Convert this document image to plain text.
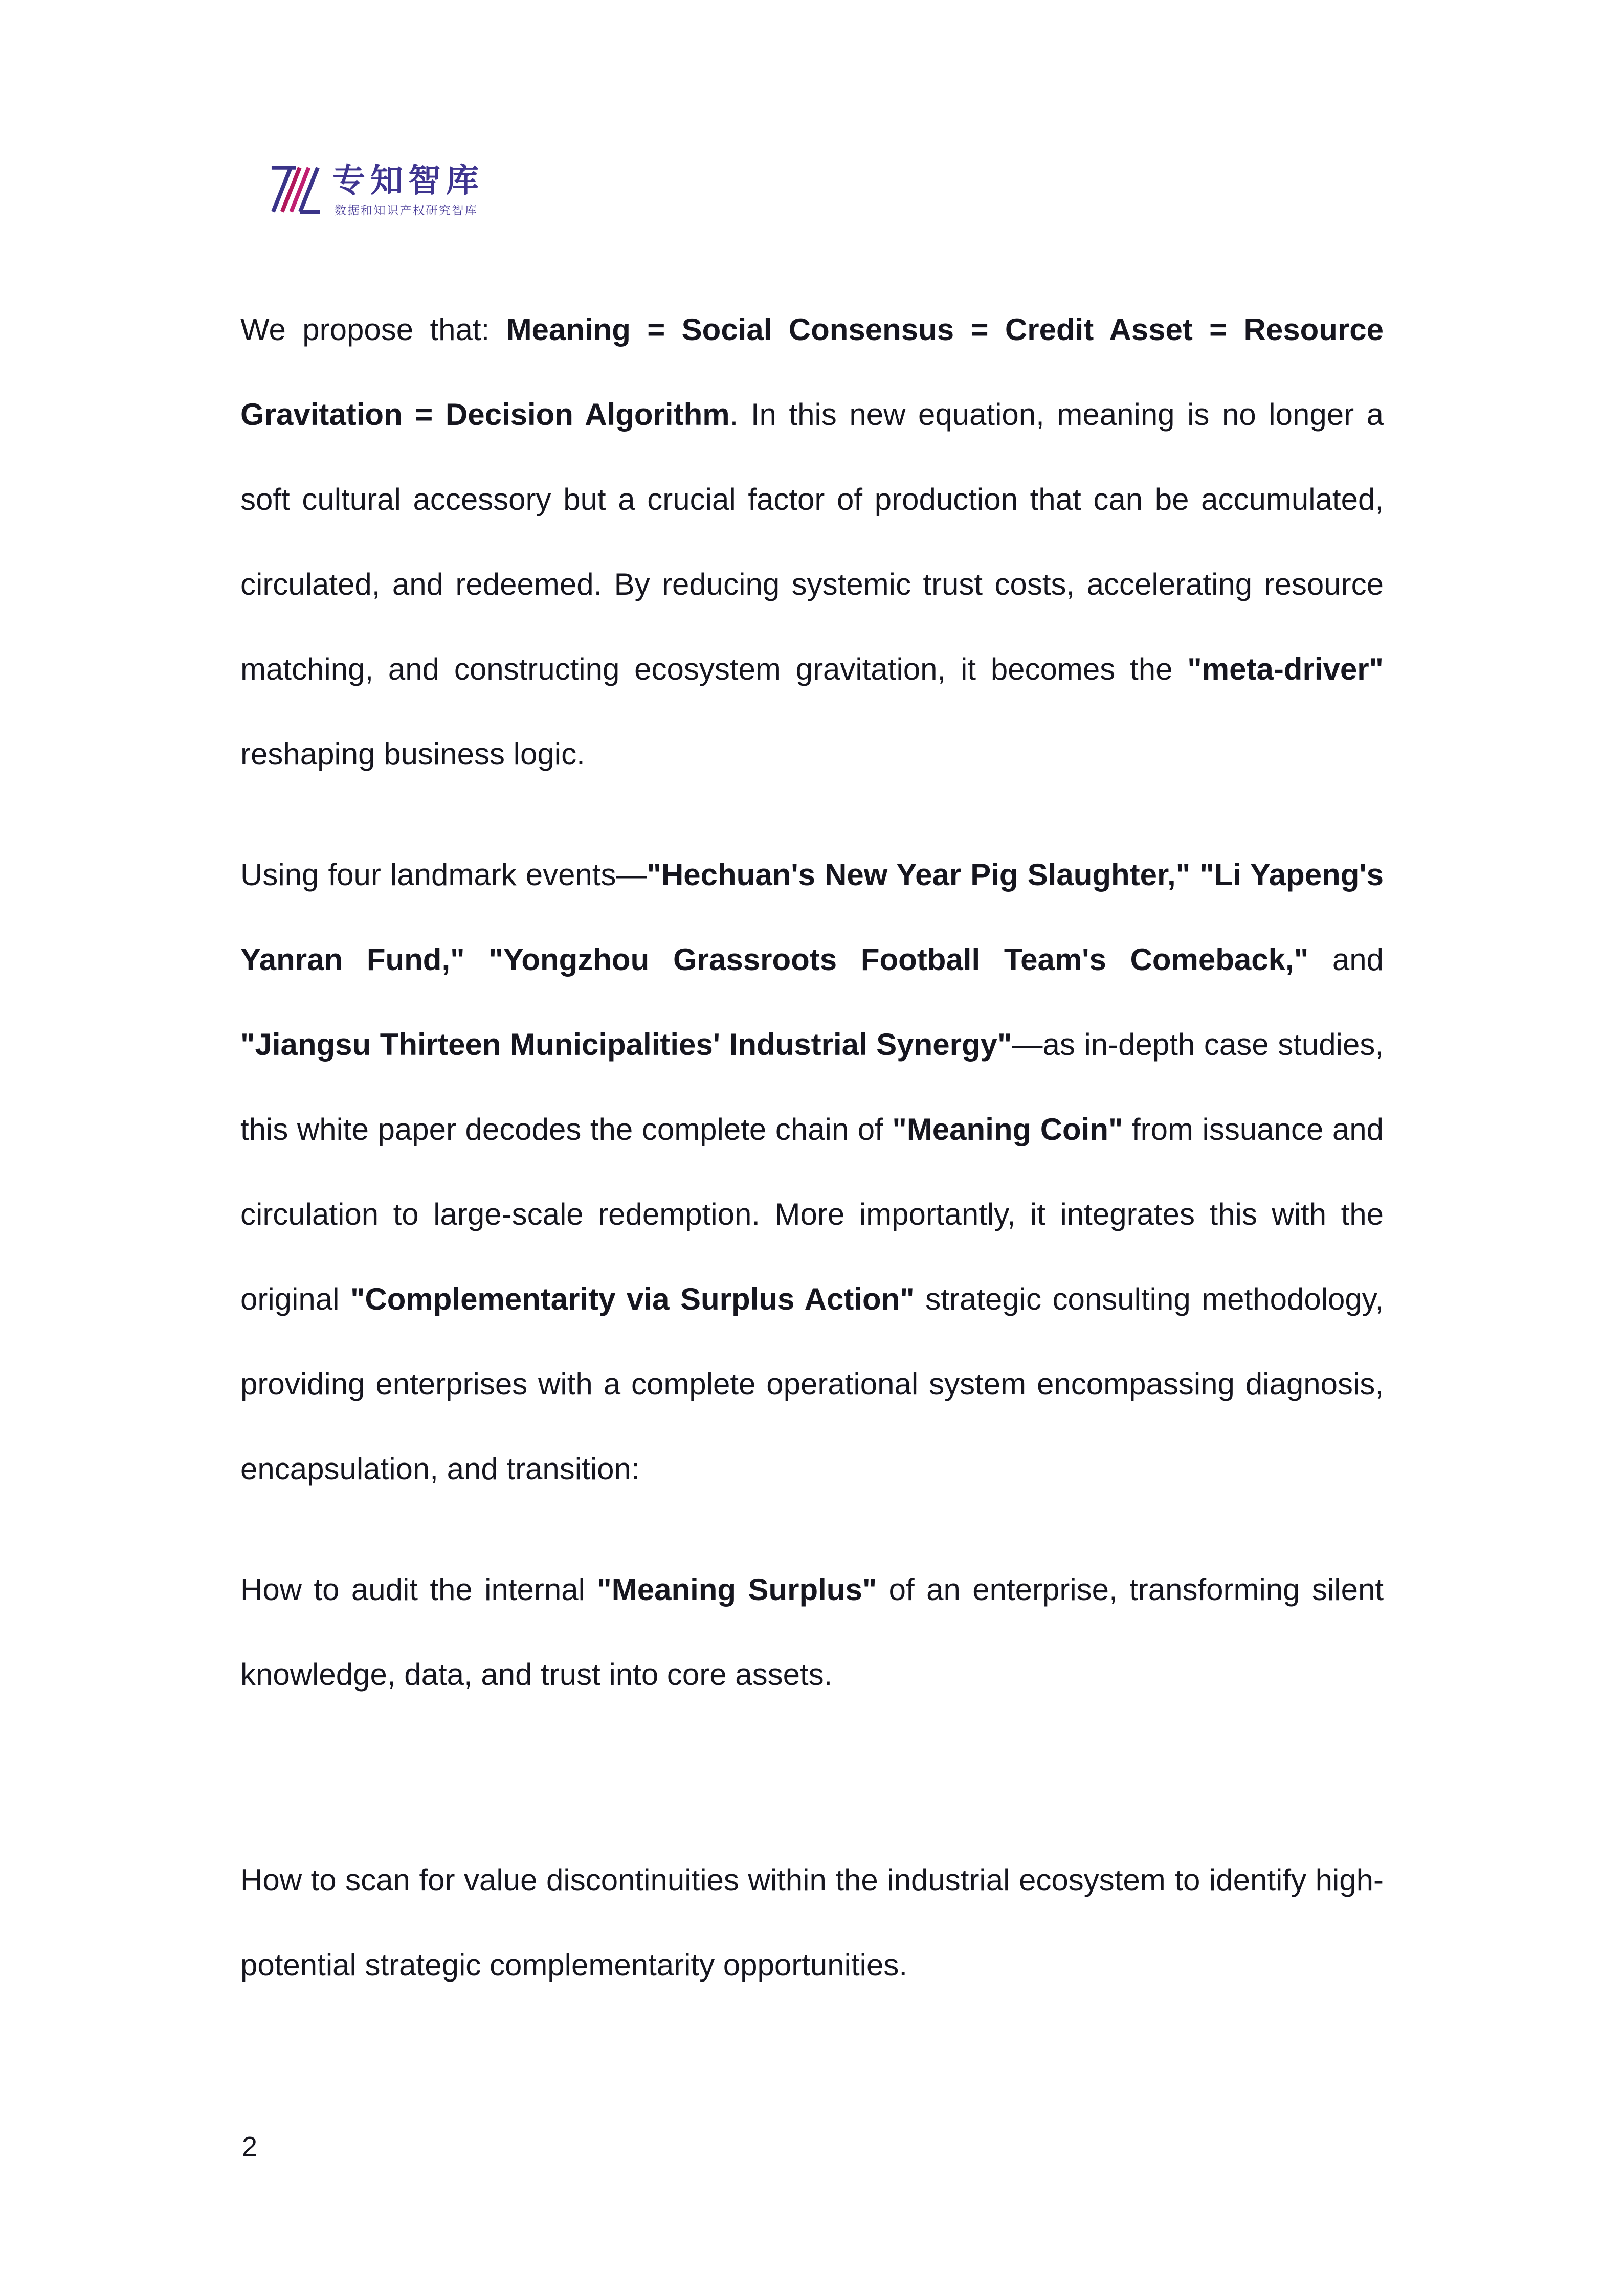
专知智库
数据和知识产权研究智库

We propose that: Meaning = Social Consensus = Credit Asset = Resource Gravitation = Decision Algorithm. In this new equation, meaning is no longer a soft cultural accessory but a crucial factor of production that can be accumulated, circulated, and redeemed. By reducing systemic trust costs, accelerating resource matching, and constructing ecosystem gravitation, it becomes the "meta-driver" reshaping business logic.

Using four landmark events—"Hechuan's New Year Pig Slaughter," "Li Yapeng's Yanran Fund," "Yongzhou Grassroots Football Team's Comeback," and "Jiangsu Thirteen Municipalities' Industrial Synergy"—as in-depth case studies, this white paper decodes the complete chain of "Meaning Coin" from issuance and circulation to large-scale redemption. More importantly, it integrates this with the original "Complementarity via Surplus Action" strategic consulting methodology, providing enterprises with a complete operational system encompassing diagnosis, encapsulation, and transition:

How to audit the internal "Meaning Surplus" of an enterprise, transforming silent knowledge, data, and trust into core assets.

How to scan for value discontinuities within the industrial ecosystem to identify high-potential strategic complementarity opportunities.

2
